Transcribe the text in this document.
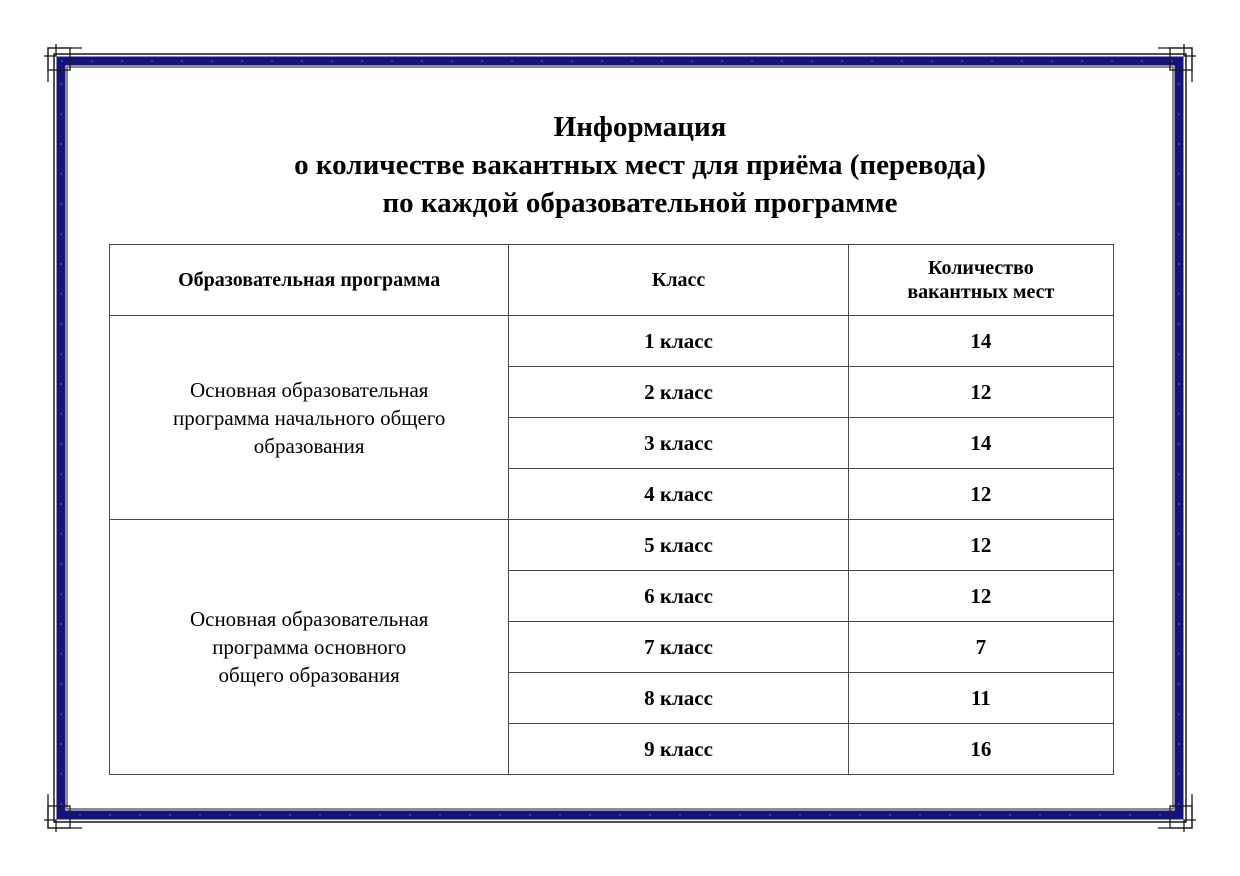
Информация
о количестве вакантных мест для приёма (перевода)
по каждой образовательной программе
Образовательная программа	Класс	Количество
вакантных мест

Основная образовательная
программа начального общего
образования	1 класс	14
	2 класс	12
	3 класс	14
	4 класс	12

Основная образовательная
программа основного
общего образования	5 класс	12
	6 класс	12
	7 класс	7
	8 класс	11
	9 класс	16
